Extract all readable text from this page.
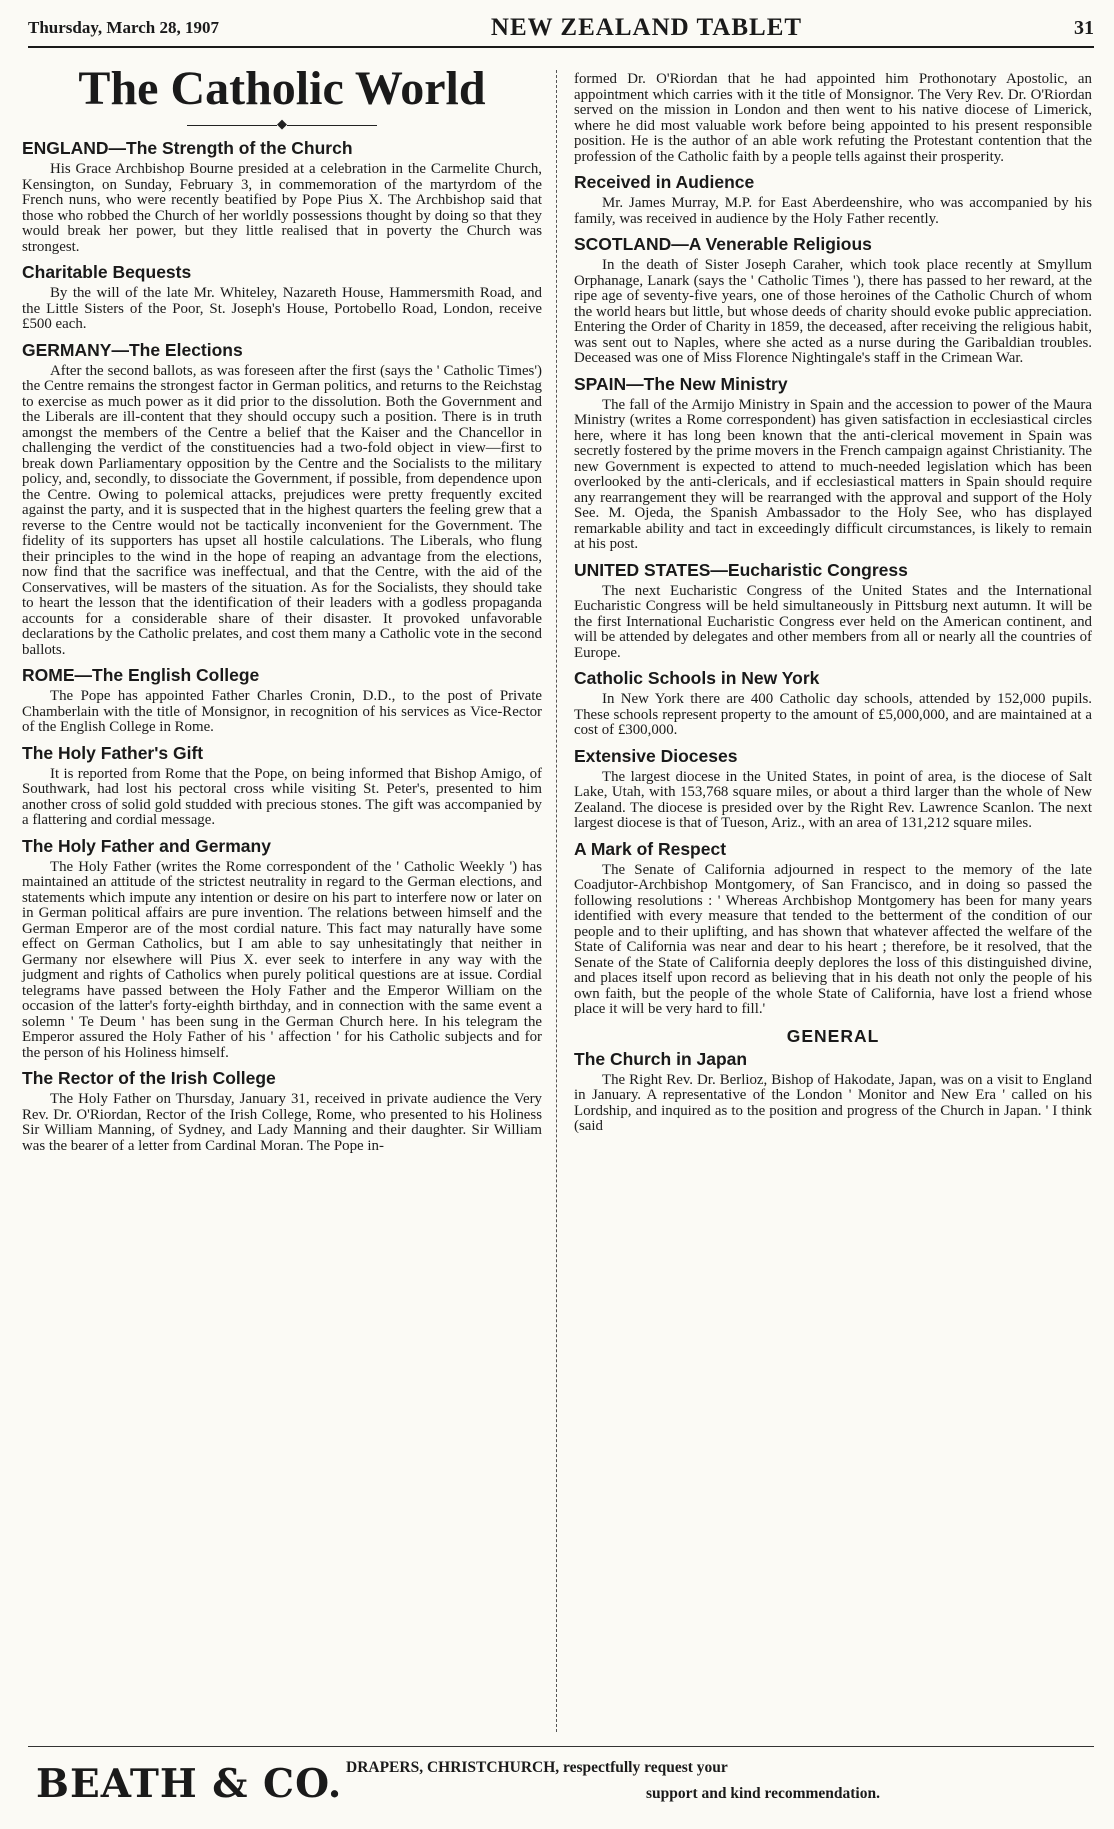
Thursday, March 28, 1907	NEW ZEALAND TABLET	31
The Catholic World
◆
ENGLAND—The Strength of the Church

His Grace Archbishop Bourne presided at a celebration in the Carmelite Church, Kensington, on Sunday, February 3, in commemoration of the martyrdom of the French nuns, who were recently beatified by Pope Pius X. The Archbishop said that those who robbed the Church of her worldly possessions thought by doing so that they would break her power, but they little realised that in poverty the Church was strongest.

Charitable Bequests

By the will of the late Mr. Whiteley, Nazareth House, Hammersmith Road, and the Little Sisters of the Poor, St. Joseph's House, Portobello Road, London, receive £500 each.

GERMANY—The Elections

After the second ballots, as was foreseen after the first (says the ' Catholic Times') the Centre remains the strongest factor in German politics, and returns to the Reichstag to exercise as much power as it did prior to the dissolution. Both the Government and the Liberals are ill-content that they should occupy such a position. There is in truth amongst the members of the Centre a belief that the Kaiser and the Chancellor in challenging the verdict of the constituencies had a two-fold object in view—first to break down Parliamentary opposition by the Centre and the Socialists to the military policy, and, secondly, to dissociate the Government, if possible, from dependence upon the Centre. Owing to polemical attacks, prejudices were pretty frequently excited against the party, and it is suspected that in the highest quarters the feeling grew that a reverse to the Centre would not be tactically inconvenient for the Government. The fidelity of its supporters has upset all hostile calculations. The Liberals, who flung their principles to the wind in the hope of reaping an advantage from the elections, now find that the sacrifice was ineffectual, and that the Centre, with the aid of the Conservatives, will be masters of the situation. As for the Socialists, they should take to heart the lesson that the identification of their leaders with a godless propaganda accounts for a considerable share of their disaster. It provoked unfavorable declarations by the Catholic prelates, and cost them many a Catholic vote in the second ballots.

ROME—The English College

The Pope has appointed Father Charles Cronin, D.D., to the post of Private Chamberlain with the title of Monsignor, in recognition of his services as Vice-Rector of the English College in Rome.

The Holy Father's Gift

It is reported from Rome that the Pope, on being informed that Bishop Amigo, of Southwark, had lost his pectoral cross while visiting St. Peter's, presented to him another cross of solid gold studded with precious stones. The gift was accompanied by a flattering and cordial message.

The Holy Father and Germany

The Holy Father (writes the Rome correspondent of the ' Catholic Weekly ') has maintained an attitude of the strictest neutrality in regard to the German elections, and statements which impute any intention or desire on his part to interfere now or later on in German political affairs are pure invention. The relations between himself and the German Emperor are of the most cordial nature. This fact may naturally have some effect on German Catholics, but I am able to say unhesitatingly that neither in Germany nor elsewhere will Pius X. ever seek to interfere in any way with the judgment and rights of Catholics when purely political questions are at issue. Cordial telegrams have passed between the Holy Father and the Emperor William on the occasion of the latter's forty-eighth birthday, and in connection with the same event a solemn ' Te Deum ' has been sung in the German Church here. In his telegram the Emperor assured the Holy Father of his ' affection ' for his Catholic subjects and for the person of his Holiness himself.

The Rector of the Irish College

The Holy Father on Thursday, January 31, received in private audience the Very Rev. Dr. O'Riordan, Rector of the Irish College, Rome, who presented to his Holiness Sir William Manning, of Sydney, and Lady Manning and their daughter. Sir William was the bearer of a letter from Cardinal Moran. The Pope in-

formed Dr. O'Riordan that he had appointed him Prothonotary Apostolic, an appointment which carries with it the title of Monsignor. The Very Rev. Dr. O'Riordan served on the mission in London and then went to his native diocese of Limerick, where he did most valuable work before being appointed to his present responsible position. He is the author of an able work refuting the Protestant contention that the profession of the Catholic faith by a people tells against their prosperity.

Received in Audience

Mr. James Murray, M.P. for East Aberdeenshire, who was accompanied by his family, was received in audience by the Holy Father recently.

SCOTLAND—A Venerable Religious

In the death of Sister Joseph Caraher, which took place recently at Smyllum Orphanage, Lanark (says the ' Catholic Times '), there has passed to her reward, at the ripe age of seventy-five years, one of those heroines of the Catholic Church of whom the world hears but little, but whose deeds of charity should evoke public appreciation. Entering the Order of Charity in 1859, the deceased, after receiving the religious habit, was sent out to Naples, where she acted as a nurse during the Garibaldian troubles. Deceased was one of Miss Florence Nightingale's staff in the Crimean War.

SPAIN—The New Ministry

The fall of the Armijo Ministry in Spain and the accession to power of the Maura Ministry (writes a Rome correspondent) has given satisfaction in ecclesiastical circles here, where it has long been known that the anti-clerical movement in Spain was secretly fostered by the prime movers in the French campaign against Christianity. The new Government is expected to attend to much-needed legislation which has been overlooked by the anti-clericals, and if ecclesiastical matters in Spain should require any rearrangement they will be rearranged with the approval and support of the Holy See. M. Ojeda, the Spanish Ambassador to the Holy See, who has displayed remarkable ability and tact in exceedingly difficult circumstances, is likely to remain at his post.

UNITED STATES—Eucharistic Congress

The next Eucharistic Congress of the United States and the International Eucharistic Congress will be held simultaneously in Pittsburg next autumn. It will be the first International Eucharistic Congress ever held on the American continent, and will be attended by delegates and other members from all or nearly all the countries of Europe.

Catholic Schools in New York

In New York there are 400 Catholic day schools, attended by 152,000 pupils. These schools represent property to the amount of £5,000,000, and are maintained at a cost of £300,000.

Extensive Dioceses

The largest diocese in the United States, in point of area, is the diocese of Salt Lake, Utah, with 153,768 square miles, or about a third larger than the whole of New Zealand. The diocese is presided over by the Right Rev. Lawrence Scanlon. The next largest diocese is that of Tueson, Ariz., with an area of 131,212 square miles.

A Mark of Respect

The Senate of California adjourned in respect to the memory of the late Coadjutor-Archbishop Montgomery, of San Francisco, and in doing so passed the following resolutions : ' Whereas Archbishop Montgomery has been for many years identified with every measure that tended to the betterment of the condition of our people and to their uplifting, and has shown that whatever affected the welfare of the State of California was near and dear to his heart ; therefore, be it resolved, that the Senate of the State of California deeply deplores the loss of this distinguished divine, and places itself upon record as believing that in his death not only the people of his own faith, but the people of the whole State of California, have lost a friend whose place it will be very hard to fill.'

GENERAL
The Church in Japan

The Right Rev. Dr. Berlioz, Bishop of Hakodate, Japan, was on a visit to England in January. A representative of the London ' Monitor and New Era ' called on his Lordship, and inquired as to the position and progress of the Church in Japan. ' I think (said

BEATH & CO. DRAPERS, CHRISTCHURCH, respectfully request your
support and kind recommendation.
